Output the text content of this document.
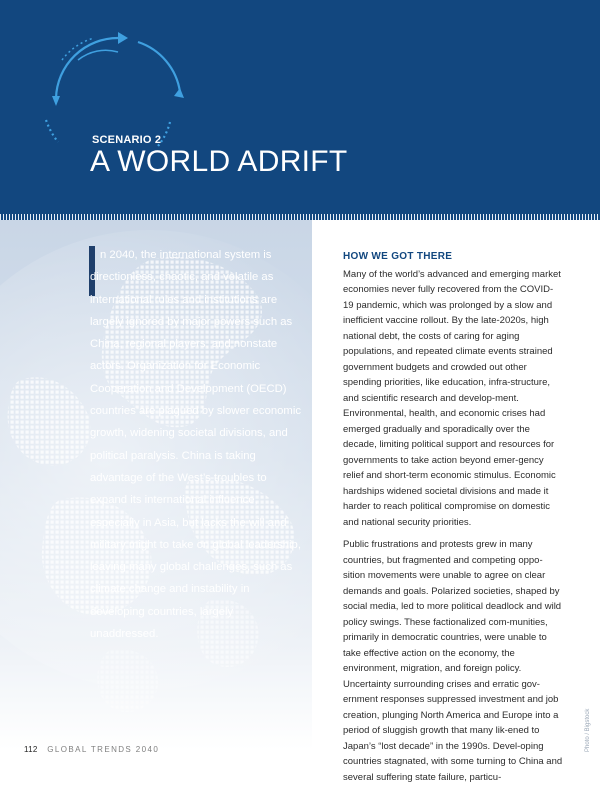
SCENARIO 2
A WORLD ADRIFT

n 2040, the international system is directionless, chaotic, and volatile as international rules and institutions are largely ignored by major powers such as China, regional players, and nonstate actors. Organization for Economic Cooperation and Development (OECD) countries are plagued by slower economic growth, widening societal divisions, and political paralysis. China is taking advantage of the West’s troubles to expand its international influence, especially in Asia, but lacks the will and military might to take on global leadership, leaving many global challenges, such as climate change and instability in developing countries, largely unaddressed.

HOW WE GOT THERE

Many of the world’s advanced and emerging market economies never fully recovered from the COVID-19 pandemic, which was prolonged by a slow and inefficient vaccine rollout. By the late-2020s, high national debt, the costs of caring for aging populations, and repeated climate events strained government budgets and crowded out other spending priorities, like education, infra-structure, and scientific research and develop-ment. Environmental, health, and economic crises had emerged gradually and sporadically over the decade, limiting political support and resources for governments to take action beyond emer-gency relief and short-term economic stimulus. Economic hardships widened societal divisions and made it harder to reach political compromise on domestic and national security priorities.

Public frustrations and protests grew in many countries, but fragmented and competing oppo-sition movements were unable to agree on clear demands and goals. Polarized societies, shaped by social media, led to more political deadlock and wild policy swings. These factionalized com-munities, primarily in democratic countries, were unable to take effective action on the economy, the environment, migration, and foreign policy. Uncertainty surrounding crises and erratic gov-ernment responses suppressed investment and job creation, plunging North America and Europe into a period of sluggish growth that many lik-ened to Japan’s “lost decade” in the 1990s. Devel-oping countries stagnated, with some turning to China and several suffering state failure, particu-

112 GLOBAL TRENDS 2040	Photo / Bigstock
